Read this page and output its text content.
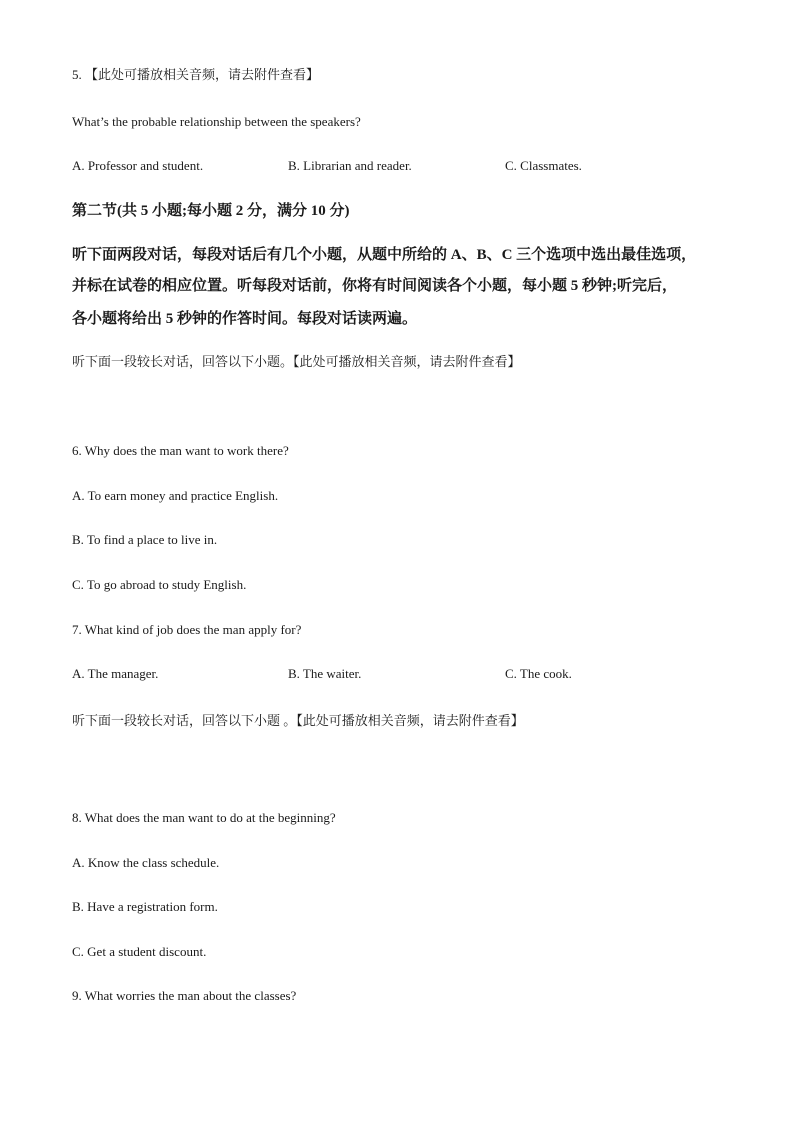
5. 【此处可播放相关音频，请去附件查看】
What’s the probable relationship between the speakers?
A. Professor and student.	B. Librarian and reader.	C. Classmates.
第二节(共 5 小题;每小题 2 分，满分 10 分)
听下面两段对话，每段对话后有几个小题，从题中所给的 A、B、C 三个选项中选出最佳选项，
并标在试卷的相应位置。听每段对话前，你将有时间阅读各个小题，每小题 5 秒钟;听完后，
各小题将给出 5 秒钟的作答时间。每段对话读两遍。
听下面一段较长对话，回答以下小题。【此处可播放相关音频，请去附件查看】
6. Why does the man want to work there?
A. To earn money and practice English.
B. To find a place to live in.
C. To go abroad to study English.
7. What kind of job does the man apply for?
A. The manager.	B. The waiter.	C. The cook.
听下面一段较长对话，回答以下小题 。【此处可播放相关音频，请去附件查看】
8. What does the man want to do at the beginning?
A. Know the class schedule.
B. Have a registration form.
C. Get a student discount.
9. What worries the man about the classes?
